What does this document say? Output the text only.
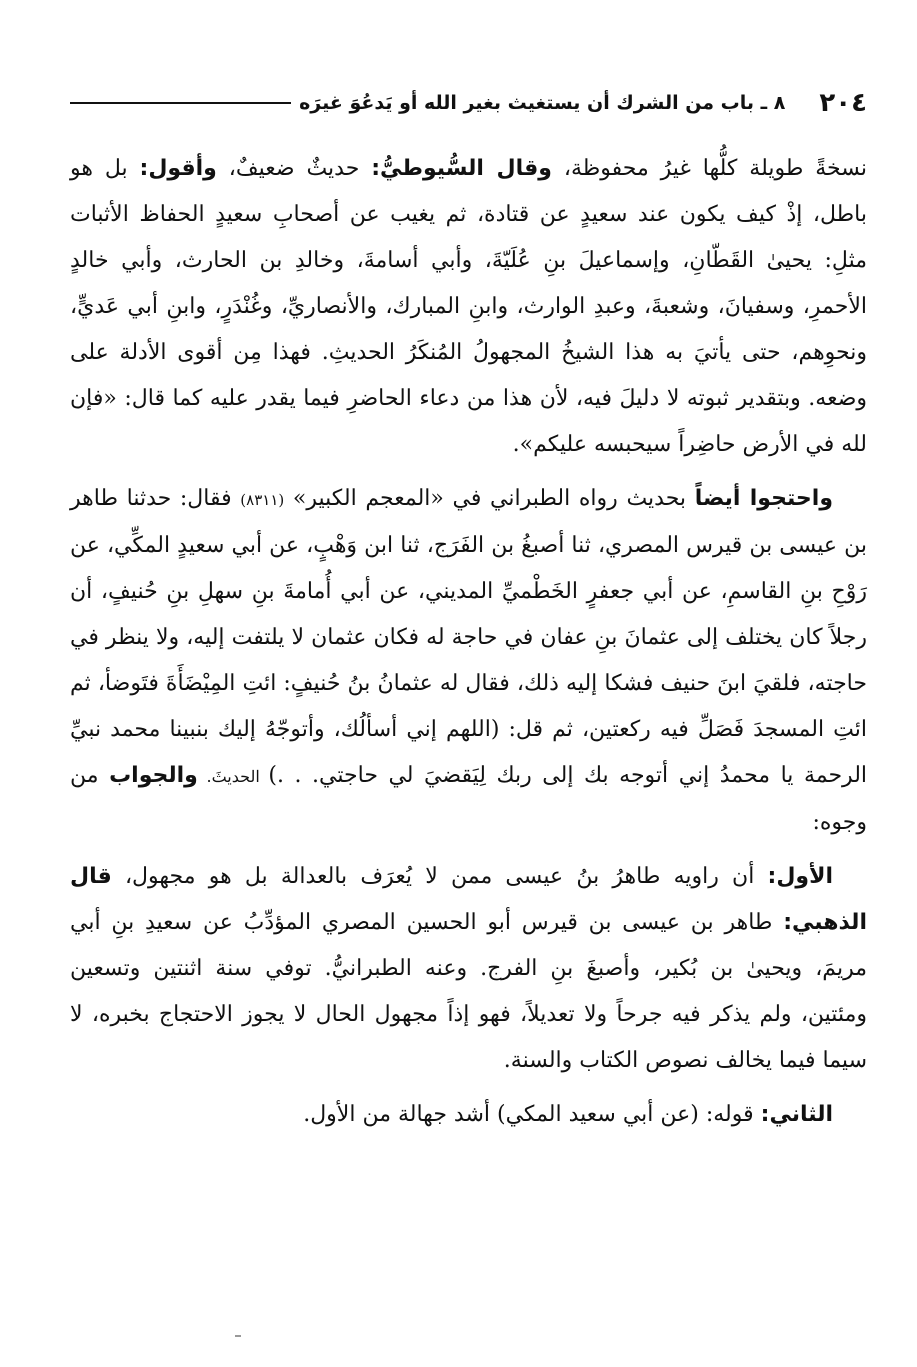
٢٠٤
٨ ـ باب من الشرك أن يستغيث بغير الله أو يَدعُوَ غيرَه

نسخةً طويلة كلُّها غيرُ محفوظة، وقال السُّيوطيُّ: حديثٌ ضعيفٌ، وأقول: بل هو باطل، إذْ كيف يكون عند سعيدٍ عن قتادة، ثم يغيب عن أصحابِ سعيدٍ الحفاظ الأثبات مثلِ: يحيىٰ القَطّانِ، وإسماعيلَ بنِ عُلَيّةَ، وأبي أسامةَ، وخالدِ بن الحارث، وأبي خالدٍ الأحمرِ، وسفيانَ، وشعبةَ، وعبدِ الوارث، وابنِ المبارك، والأنصاريِّ، وغُنْدَرٍ، وابنِ أبي عَديٍّ، ونحوِهم، حتى يأتيَ به هذا الشيخُ المجهولُ المُنكَرُ الحديثِ. فهذا مِن أقوى الأدلة على وضعه. وبتقدير ثبوته لا دليلَ فيه، لأن هذا من دعاء الحاضرِ فيما يقدر عليه كما قال: «فإن لله في الأرض حاضِراً سيحبسه عليكم».

واحتجوا أيضاً بحديث رواه الطبراني في «المعجم الكبير» (٨٣١١) فقال: حدثنا طاهر بن عيسى بن قيرس المصري، ثنا أصبغُ بن الفَرَج، ثنا ابن وَهْبٍ، عن أبي سعيدٍ المكِّي، عن رَوْحِ بنِ القاسمِ، عن أبي جعفرٍ الخَطْميِّ المديني، عن أبي أُمامةَ بنِ سهلِ بنِ حُنيفٍ، أن رجلاً كان يختلف إلى عثمانَ بنِ عفان في حاجة له فكان عثمان لا يلتفت إليه، ولا ينظر في حاجته، فلقيَ ابنَ حنيف فشكا إليه ذلك، فقال له عثمانُ بنُ حُنيفٍ: ائتِ المِيْضَأَةَ فتَوضأ، ثم ائتِ المسجدَ فَصَلِّ فيه ركعتين، ثم قل: (اللهم إني أسألُك، وأتوجّهُ إليك بنبينا محمد نبيِّ الرحمة يا محمدُ إني أتوجه بك إلى ربك لِيَقضيَ لي حاجتي. . .) الحديثَ. والجواب من وجوه:

الأول: أن راويه طاهرُ بنُ عيسى ممن لا يُعرَف بالعدالة بل هو مجهول، قال الذهبي: طاهر بن عيسى بن قيرس أبو الحسين المصري المؤدِّبُ عن سعيدِ بنِ أبي مريمَ، ويحيىٰ بن بُكير، وأصبغَ بنِ الفرج. وعنه الطبرانيُّ. توفي سنة اثنتين وتسعين ومئتين، ولم يذكر فيه جرحاً ولا تعديلاً، فهو إذاً مجهول الحال لا يجوز الاحتجاج بخبره، لا سيما فيما يخالف نصوص الكتاب والسنة.

الثاني: قوله: (عن أبي سعيد المكي) أشد جهالة من الأول.
